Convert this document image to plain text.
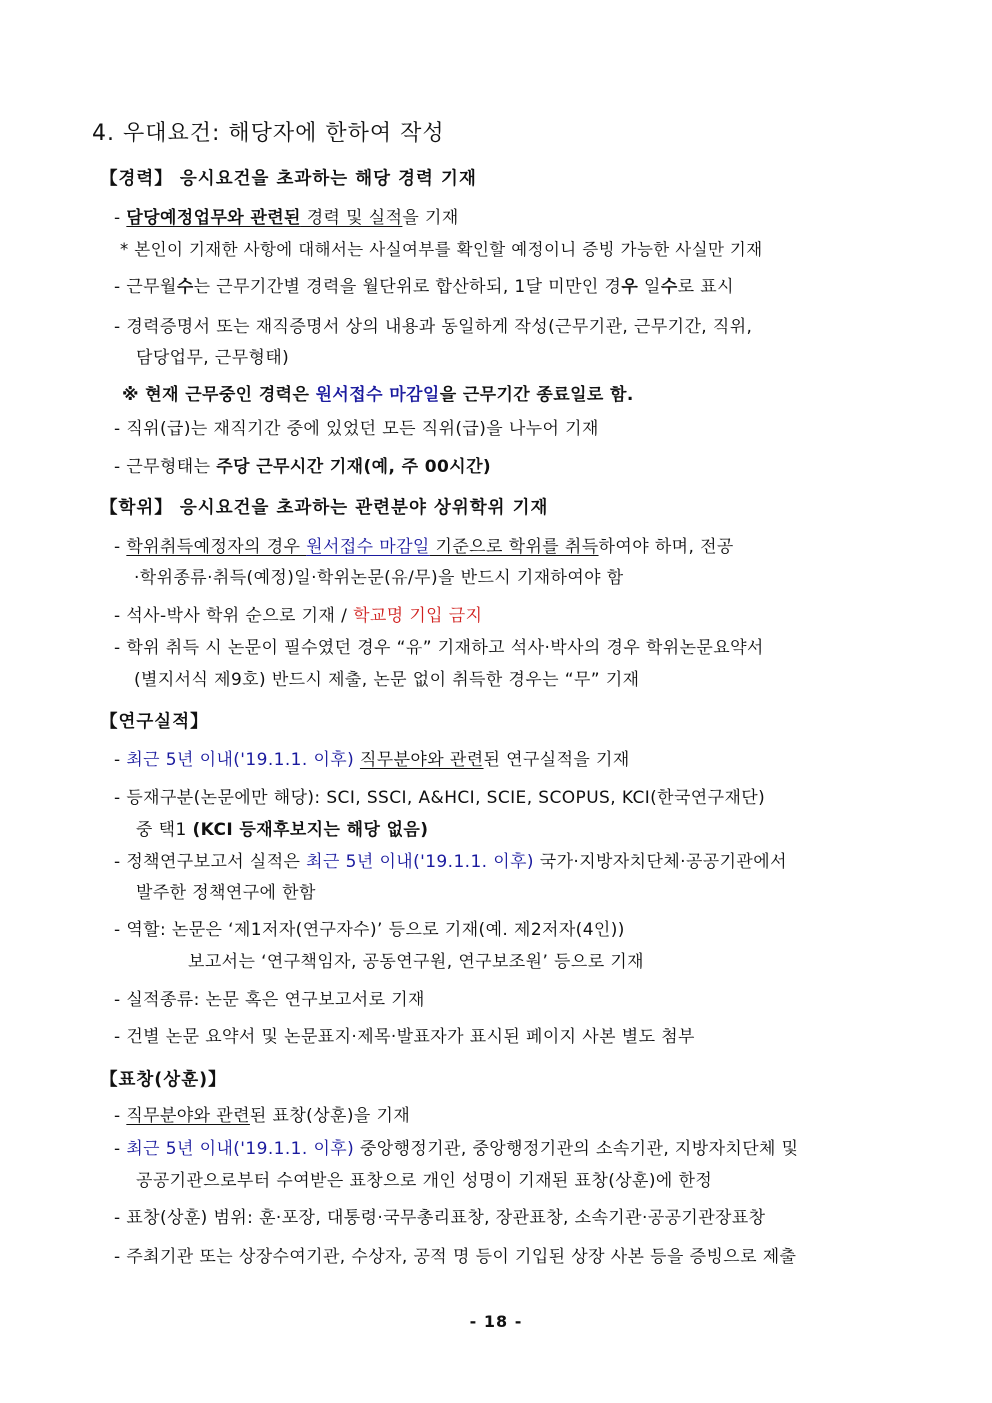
4. 우대요건: 해당자에 한하여 작성
【경력】 응시요건을 초과하는 해당 경력 기재
- 담당예정업무와 관련된 경력 및 실적을 기재
* 본인이 기재한 사항에 대해서는 사실여부를 확인할 예정이니 증빙 가능한 사실만 기재
- 근무월수는 근무기간별 경력을 월단위로 합산하되, 1달 미만인 경우 일수로 표시
- 경력증명서 또는 재직증명서 상의 내용과 동일하게 작성(근무기관, 근무기간, 직위,
담당업무, 근무형태)
※ 현재 근무중인 경력은 원서접수 마감일을 근무기간 종료일로 함.
- 직위(급)는 재직기간 중에 있었던 모든 직위(급)을 나누어 기재
- 근무형태는 주당 근무시간 기재(예, 주 00시간)
【학위】 응시요건을 초과하는 관련분야 상위학위 기재
- 학위취득예정자의 경우 원서접수 마감일 기준으로 학위를 취득하여야 하며, 전공
·학위종류·취득(예정)일·학위논문(유/무)을 반드시 기재하여야 함
- 석사-박사 학위 순으로 기재 / 학교명 기입 금지
- 학위 취득 시 논문이 필수였던 경우 “유” 기재하고 석사·박사의 경우 학위논문요약서
(별지서식 제9호) 반드시 제출, 논문 없이 취득한 경우는 “무” 기재
【연구실적】
- 최근 5년 이내('19.1.1. 이후) 직무분야와 관련된 연구실적을 기재
- 등재구분(논문에만 해당): SCI, SSCI, A&HCI, SCIE, SCOPUS, KCI(한국연구재단)
중 택1 (KCI 등재후보지는 해당 없음)
- 정책연구보고서 실적은 최근 5년 이내('19.1.1. 이후) 국가·지방자치단체·공공기관에서
발주한 정책연구에 한함
- 역할: 논문은 ‘제1저자(연구자수)’ 등으로 기재(예. 제2저자(4인))
보고서는 ‘연구책임자, 공동연구원, 연구보조원’ 등으로 기재
- 실적종류: 논문 혹은 연구보고서로 기재
- 건별 논문 요약서 및 논문표지·제목·발표자가 표시된 페이지 사본 별도 첨부
【표창(상훈)】
- 직무분야와 관련된 표창(상훈)을 기재
- 최근 5년 이내('19.1.1. 이후) 중앙행정기관, 중앙행정기관의 소속기관, 지방자치단체 및
공공기관으로부터 수여받은 표창으로 개인 성명이 기재된 표창(상훈)에 한정
- 표창(상훈) 범위: 훈·포장, 대통령·국무총리표창, 장관표창, 소속기관·공공기관장표창
- 주최기관 또는 상장수여기관, 수상자, 공적 명 등이 기입된 상장 사본 등을 증빙으로 제출
- 18 -
